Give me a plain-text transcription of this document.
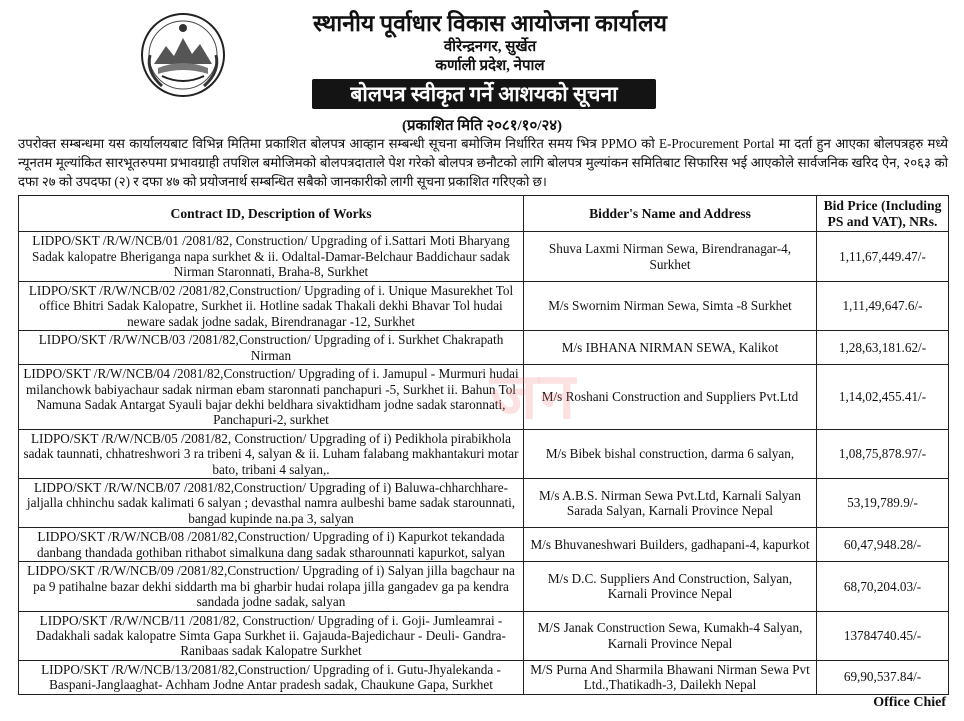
स्थानीय पूर्वाधार विकास आयोजना कार्यालय
वीरेन्द्रनगर, सुर्खेत
कर्णाली प्रदेश, नेपाल
बोलपत्र स्वीकृत गर्ने आशयको सूचना
(प्रकाशित मिति २०८१/१०/२४)
उपरोक्त सम्बन्धमा यस कार्यालयबाट विभिन्न मितिमा प्रकाशित बोलपत्र आव्हान सम्बन्धी सूचना बमोजिम निर्धारित समय भित्र PPMO को E-Procurement Portal मा दर्ता हुन आएका बोलपत्रहरु मध्ये न्यूनतम मूल्यांकित सारभूतरुपमा प्रभावग्राही तपशिल बमोजिमको बोलपत्रदाताले पेश गरेको बोलपत्र छनौटको लागि बोलपत्र मुल्यांकन समितिबाट सिफारिस भई आएकोले सार्वजनिक खरिद ऐन, २०६३ को दफा २७ को उपदफा (२) र दफा ४७ को प्रयोजनार्थ सम्बन्धित सबैको जानकारीको लागी सूचना प्रकाशित गरिएको छ।
Contract ID, Description of Works	Bidder's Name and Address	Bid Price (Including PS and VAT), NRs.
LIDPO/SKT /R/W/NCB/01 /2081/82, Construction/ Upgrading of i.Sattari Moti Bharyang Sadak kalopatre Bheriganga napa surkhet & ii. Odaltal-Damar-Belchaur Baddichaur sadak Nirman Staronnati, Braha-8, Surkhet	Shuva Laxmi Nirman Sewa, Birendranagar-4, Surkhet	1,11,67,449.47/-
LIDPO/SKT /R/W/NCB/02 /2081/82,Construction/ Upgrading of i. Unique Masurekhet Tol office Bhitri Sadak Kalopatre, Surkhet ii. Hotline sadak Thakali dekhi Bhavar Tol hudai neware sadak jodne sadak, Birendranagar -12, Surkhet	M/s Swornim Nirman Sewa, Simta -8 Surkhet	1,11,49,647.6/-
LIDPO/SKT /R/W/NCB/03 /2081/82,Construction/ Upgrading of i. Surkhet Chakrapath Nirman	M/s IBHANA NIRMAN SEWA, Kalikot	1,28,63,181.62/-
LIDPO/SKT /R/W/NCB/04 /2081/82,Construction/ Upgrading of i. Jamupul - Murmuri hudai milanchowk babiyachaur sadak nirman ebam staronnati panchapuri -5, Surkhet ii. Bahun Tol Namuna Sadak Antargat Syauli bajar dekhi beldhara sivaktidham jodne sadak staronnati, Panchapuri-2, surkhet	M/s Roshani Construction and Suppliers Pvt.Ltd	1,14,02,455.41/-
LIDPO/SKT /R/W/NCB/05 /2081/82, Construction/ Upgrading of i) Pedikhola pirabikhola sadak taunnati, chhatreshwori 3 ra tribeni 4, salyan & ii. Luham falabang makhantakuri motar bato, tribani 4 salyan,.	M/s Bibek bishal construction, darma 6 salyan,	1,08,75,878.97/-
LIDPO/SKT /R/W/NCB/07 /2081/82,Construction/ Upgrading of i) Baluwa-chharchhare-jaljalla chhinchu sadak kalimati 6 salyan ; devasthal namra aulbeshi bame sadak starounnati, bangad kupinde na.pa 3, salyan	M/s A.B.S. Nirman Sewa Pvt.Ltd, Karnali Salyan Sarada Salyan, Karnali Province Nepal	53,19,789.9/-
LIDPO/SKT /R/W/NCB/08 /2081/82,Construction/ Upgrading of i) Kapurkot tekandada danbang thandada gothiban rithabot simalkuna dang sadak stharounnati kapurkot, salyan	M/s Bhuvaneshwari Builders, gadhapani-4, kapurkot	60,47,948.28/-
LIDPO/SKT /R/W/NCB/09 /2081/82,Construction/ Upgrading of i) Salyan jilla bagchaur na pa 9 patihalne bazar dekhi siddarth ma bi gharbir hudai rolapa jilla gangadev ga pa kendra sandada jodne sadak, salyan	M/s D.C. Suppliers And Construction, Salyan, Karnali Province Nepal	68,70,204.03/-
LIDPO/SKT /R/W/NCB/11 /2081/82, Construction/ Upgrading of i. Goji- Jumleamrai - Dadakhali sadak kalopatre Simta Gapa Surkhet ii. Gajauda-Bajedichaur - Deuli- Gandra-Ranibaas sadak Kalopatre Surkhet	M/S Janak Construction Sewa, Kumakh-4 Salyan, Karnali Province Nepal	13784740.45/-
LIDPO/SKT /R/W/NCB/13/2081/82,Construction/ Upgrading of i. Gutu-Jhyalekanda - Baspani-Janglaaghat- Achham Jodne Antar pradesh sadak, Chaukune Gapa, Surkhet	M/S Purna And Sharmila Bhawani Nirman Sewa Pvt Ltd.,Thatikadh-3, Dailekh Nepal	69,90,537.84/-
जन
Office Chief
